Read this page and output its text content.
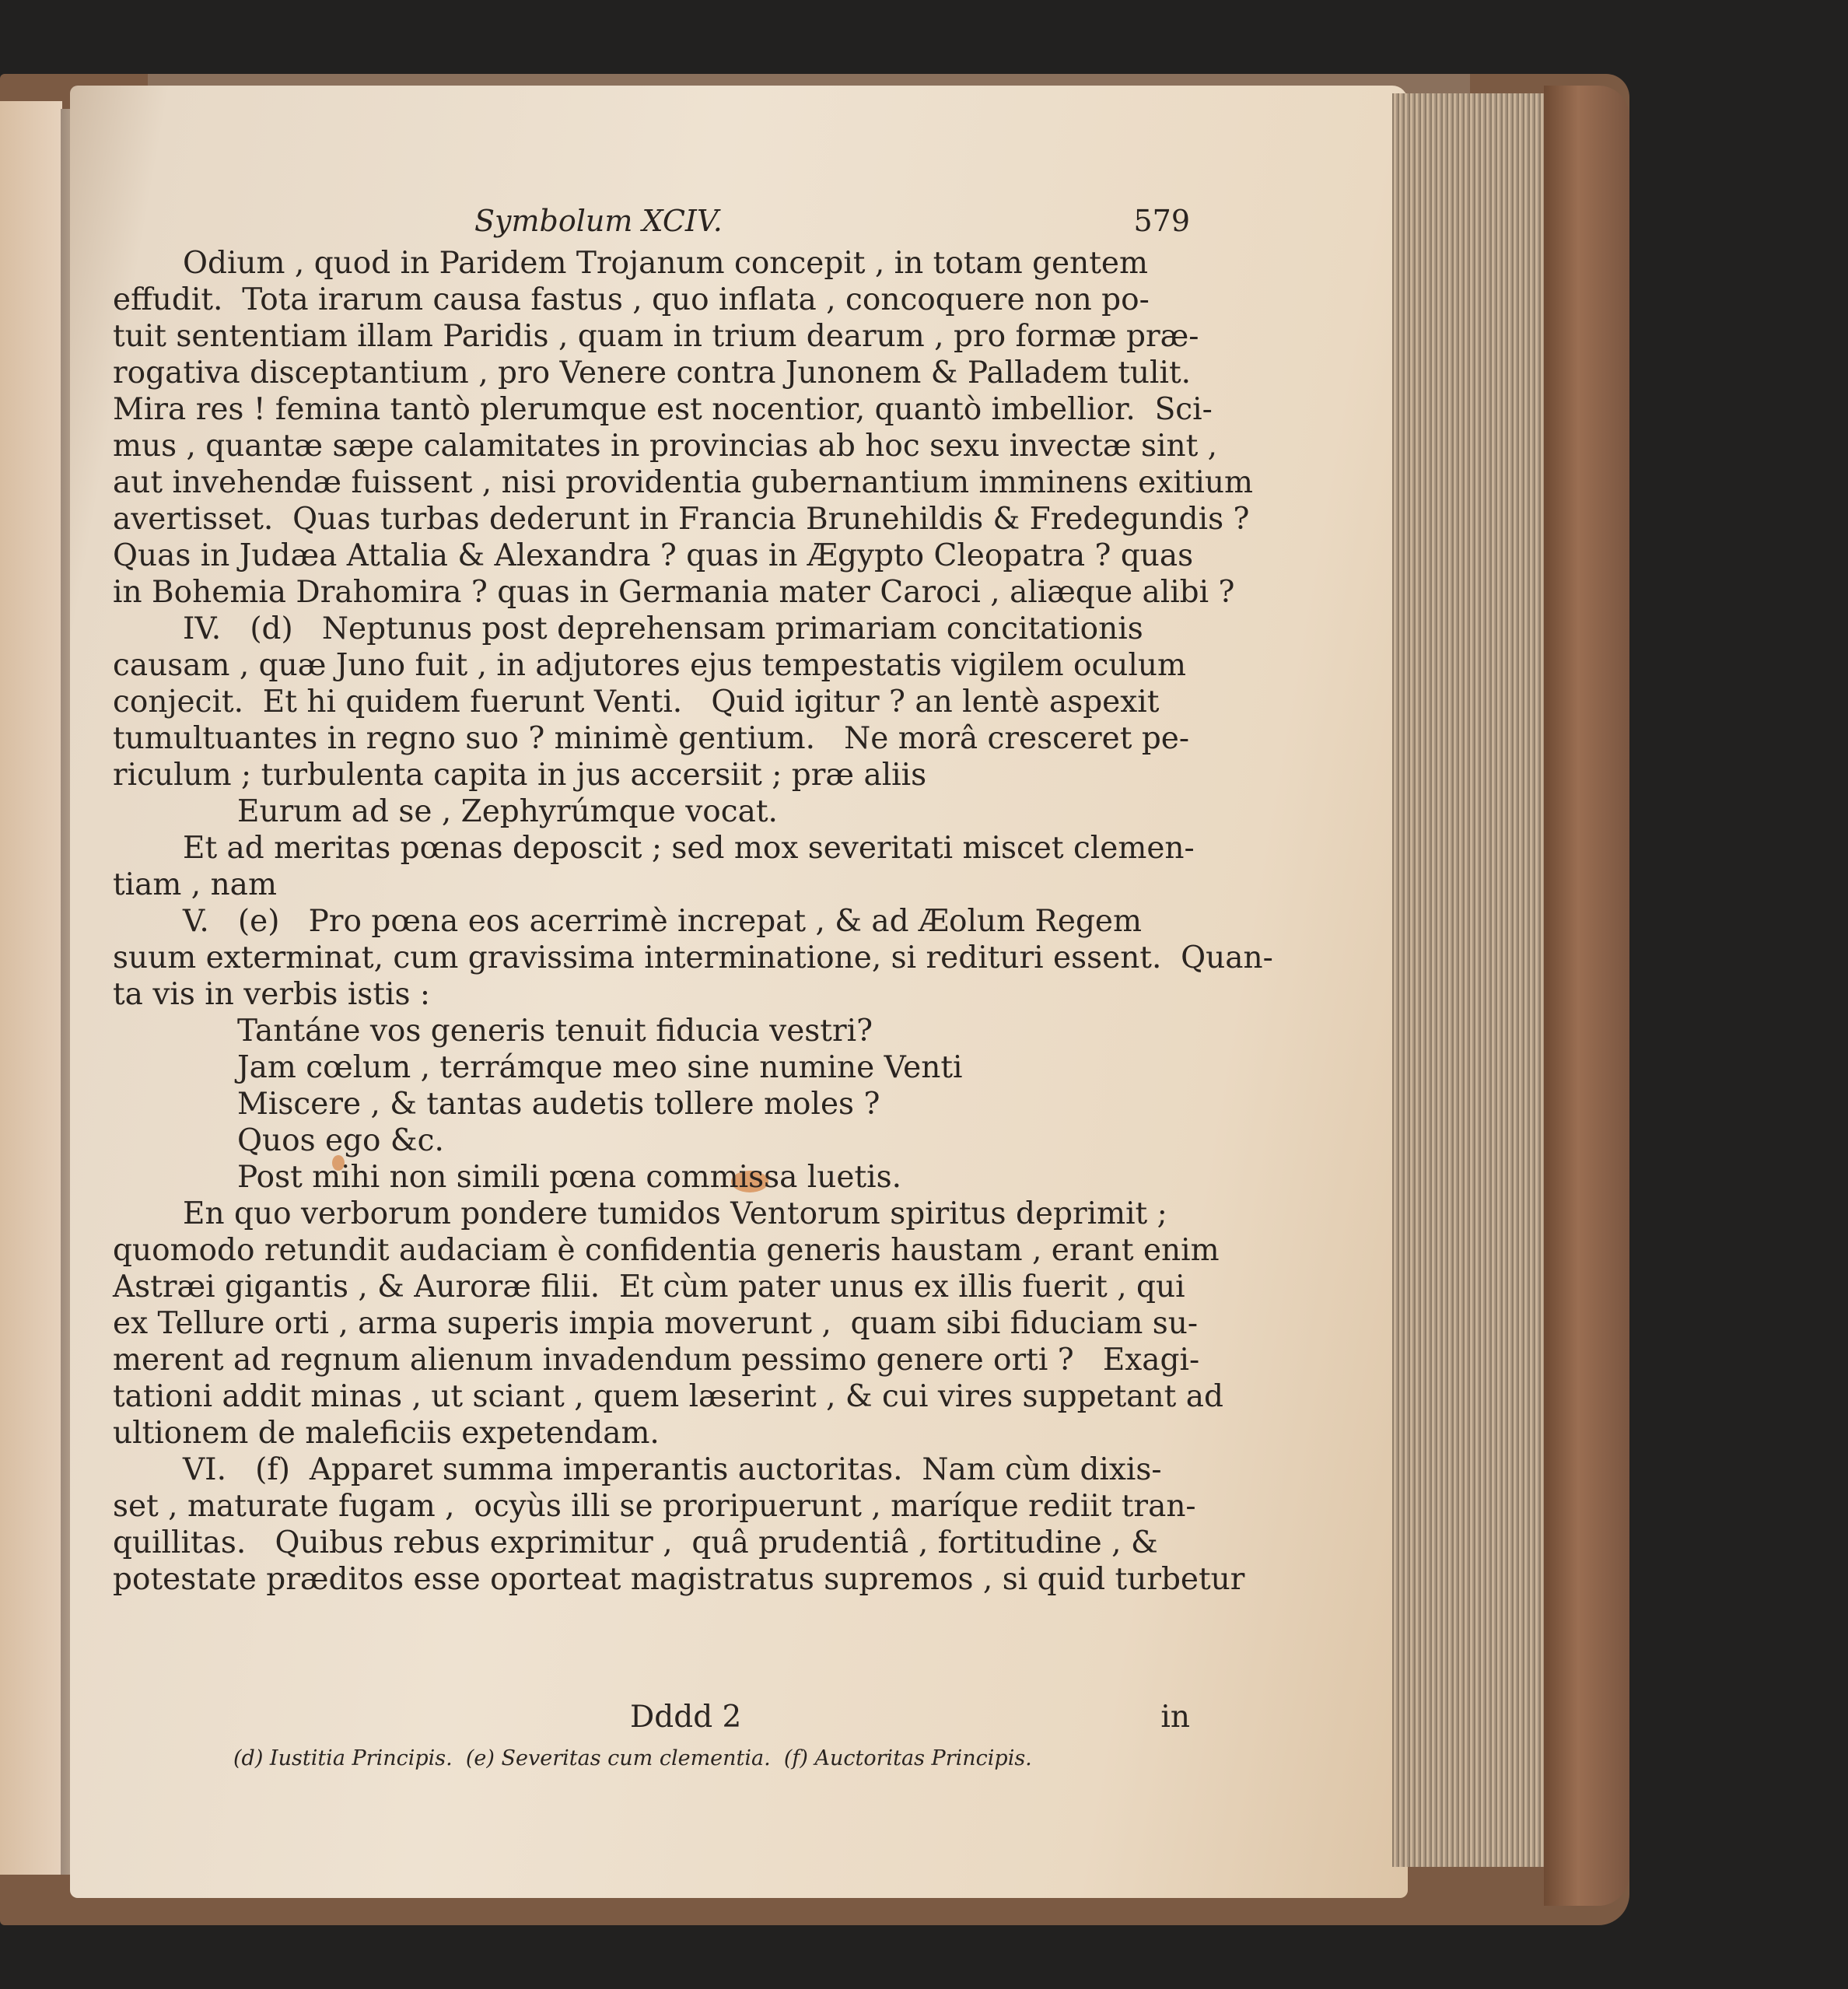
Symbolum XCIV.	579
Odium , quod in Paridem Trojanum concepit , in totam gentem
effudit.  Tota irarum causa fastus , quo inflata , concoquere non po-
tuit sententiam illam Paridis , quam in trium dearum , pro formæ præ-
rogativa disceptantium , pro Venere contra Junonem & Palladem tulit.
Mira res ! femina tantò plerumque est nocentior, quantò imbellior.  Sci-
mus , quantæ sæpe calamitates in provincias ab hoc sexu invectæ sint ,
aut invehendæ fuissent , nisi providentia gubernantium imminens exitium
avertisset.  Quas turbas dederunt in Francia Brunehildis & Fredegundis ?
Quas in Judæa Attalia & Alexandra ? quas in Ægypto Cleopatra ? quas
in Bohemia Drahomira ? quas in Germania mater Caroci , aliæque alibi ?
IV.   (d)   Neptunus post deprehensam primariam concitationis
causam , quæ Juno fuit , in adjutores ejus tempestatis vigilem oculum
conjecit.  Et hi quidem fuerunt Venti.   Quid igitur ? an lentè aspexit
tumultuantes in regno suo ? minimè gentium.   Ne morâ cresceret pe-
riculum ; turbulenta capita in jus accersiit ; præ aliis
Eurum ad se , Zephyrúmque vocat.
Et ad meritas pœnas deposcit ; sed mox severitati miscet clemen-
tiam , nam
V.   (e)   Pro pœna eos acerrimè increpat , & ad Æolum Regem
suum exterminat, cum gravissima interminatione, si redituri essent.  Quan-
ta vis in verbis istis :
Tantáne vos generis tenuit fiducia vestri?
Jam cœlum , terrámque meo sine numine Venti
Miscere , & tantas audetis tollere moles ?
Quos ego &c.
Post mihi non simili pœna commissa luetis.
En quo verborum pondere tumidos Ventorum spiritus deprimit ;
quomodo retundit audaciam è confidentia generis haustam , erant enim
Astræi gigantis , & Auroræ filii.  Et cùm pater unus ex illis fuerit , qui
ex Tellure orti , arma superis impia moverunt ,  quam sibi fiduciam su-
merent ad regnum alienum invadendum pessimo genere orti ?   Exagi-
tationi addit minas , ut sciant , quem læserint , & cui vires suppetant ad
ultionem de maleficiis expetendam.
VI.   (f)  Apparet summa imperantis auctoritas.  Nam cùm dixis-
set , maturate fugam ,  ocyùs illi se proripuerunt , maríque rediit tran-
quillitas.   Quibus rebus exprimitur ,  quâ prudentiâ , fortitudine , &
potestate præditos esse oporteat magistratus supremos , si quid turbetur
Dddd 2	in
(d) Iustitia Principis.  (e) Severitas cum clementia.  (f) Auctoritas Principis.
